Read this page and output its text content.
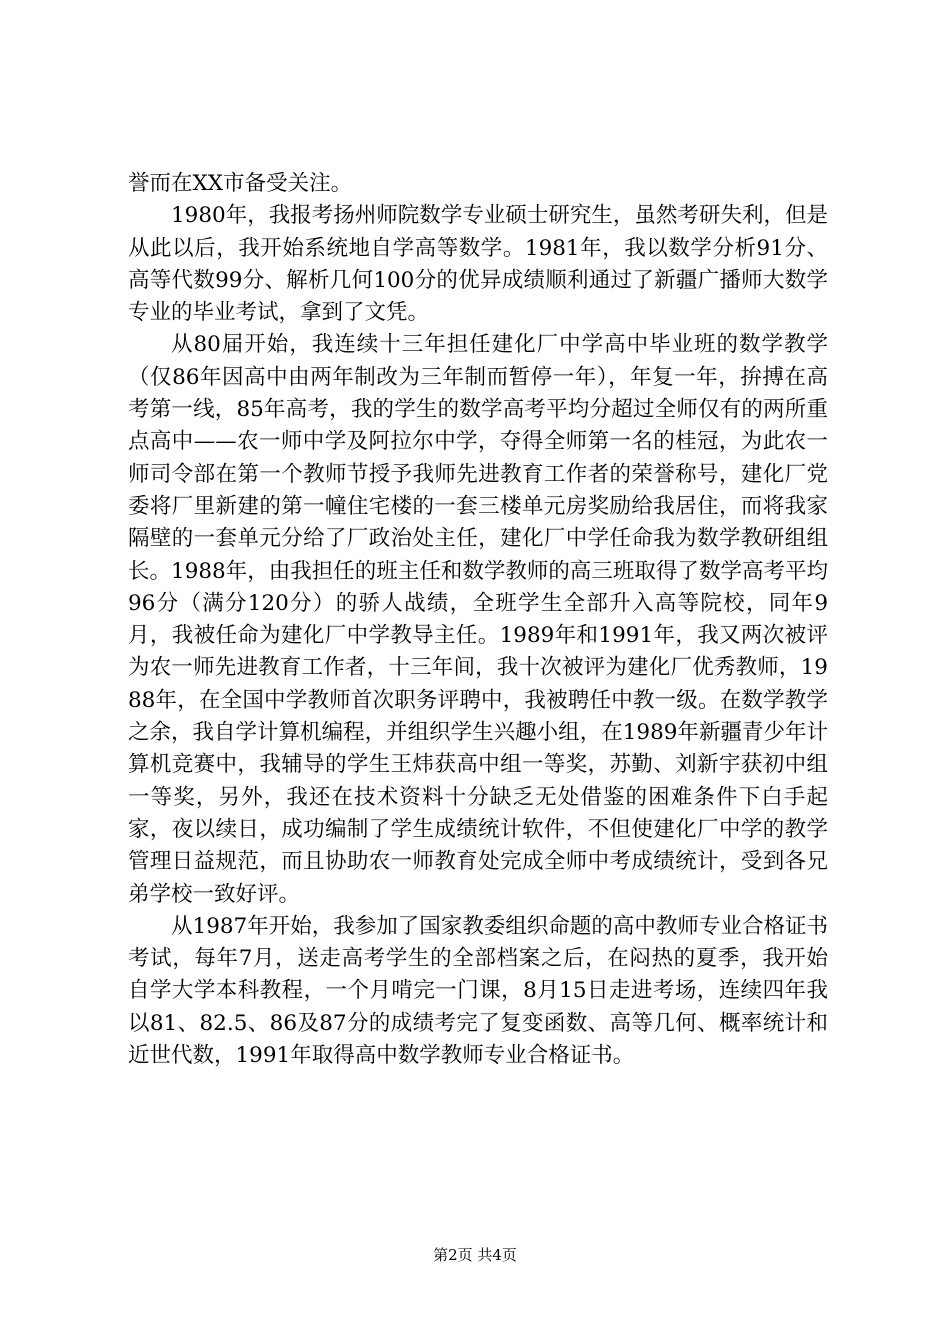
誉而在XX市备受关注。

1980年，我报考扬州师院数学专业硕士研究生，虽然考研失利，但是从此以后，我开始系统地自学高等数学。1981年，我以数学分析91分、高等代数99分、解析几何100分的优异成绩顺利通过了新疆广播师大数学专业的毕业考试，拿到了文凭。

从80届开始，我连续十三年担任建化厂中学高中毕业班的数学教学（仅86年因高中由两年制改为三年制而暂停一年），年复一年，拚搏在高考第一线，85年高考，我的学生的数学高考平均分超过全师仅有的两所重点高中——农一师中学及阿拉尔中学，夺得全师第一名的桂冠，为此农一师司令部在第一个教师节授予我师先进教育工作者的荣誉称号，建化厂党委将厂里新建的第一幢住宅楼的一套三楼单元房奖励给我居住，而将我家隔壁的一套单元分给了厂政治处主任，建化厂中学任命我为数学教研组组长。1988年，由我担任的班主任和数学教师的高三班取得了数学高考平均96分（满分120分）的骄人战绩，全班学生全部升入高等院校，同年9月，我被任命为建化厂中学教导主任。1989年和1991年，我又两次被评为农一师先进教育工作者，十三年间，我十次被评为建化厂优秀教师，1988年，在全国中学教师首次职务评聘中，我被聘任中教一级。在数学教学之余，我自学计算机编程，并组织学生兴趣小组，在1989年新疆青少年计算机竞赛中，我辅导的学生王炜获高中组一等奖，苏勤、刘新宇获初中组一等奖，另外，我还在技术资料十分缺乏无处借鉴的困难条件下白手起家，夜以续日，成功编制了学生成绩统计软件，不但使建化厂中学的教学管理日益规范，而且协助农一师教育处完成全师中考成绩统计，受到各兄弟学校一致好评。

从1987年开始，我参加了国家教委组织命题的高中教师专业合格证书考试，每年7月，送走高考学生的全部档案之后，在闷热的夏季，我开始自学大学本科教程，一个月啃完一门课，8月15日走进考场，连续四年我以81、82.5、86及87分的成绩考完了复变函数、高等几何、概率统计和近世代数，1991年取得高中数学教师专业合格证书。

第2页 共4页
